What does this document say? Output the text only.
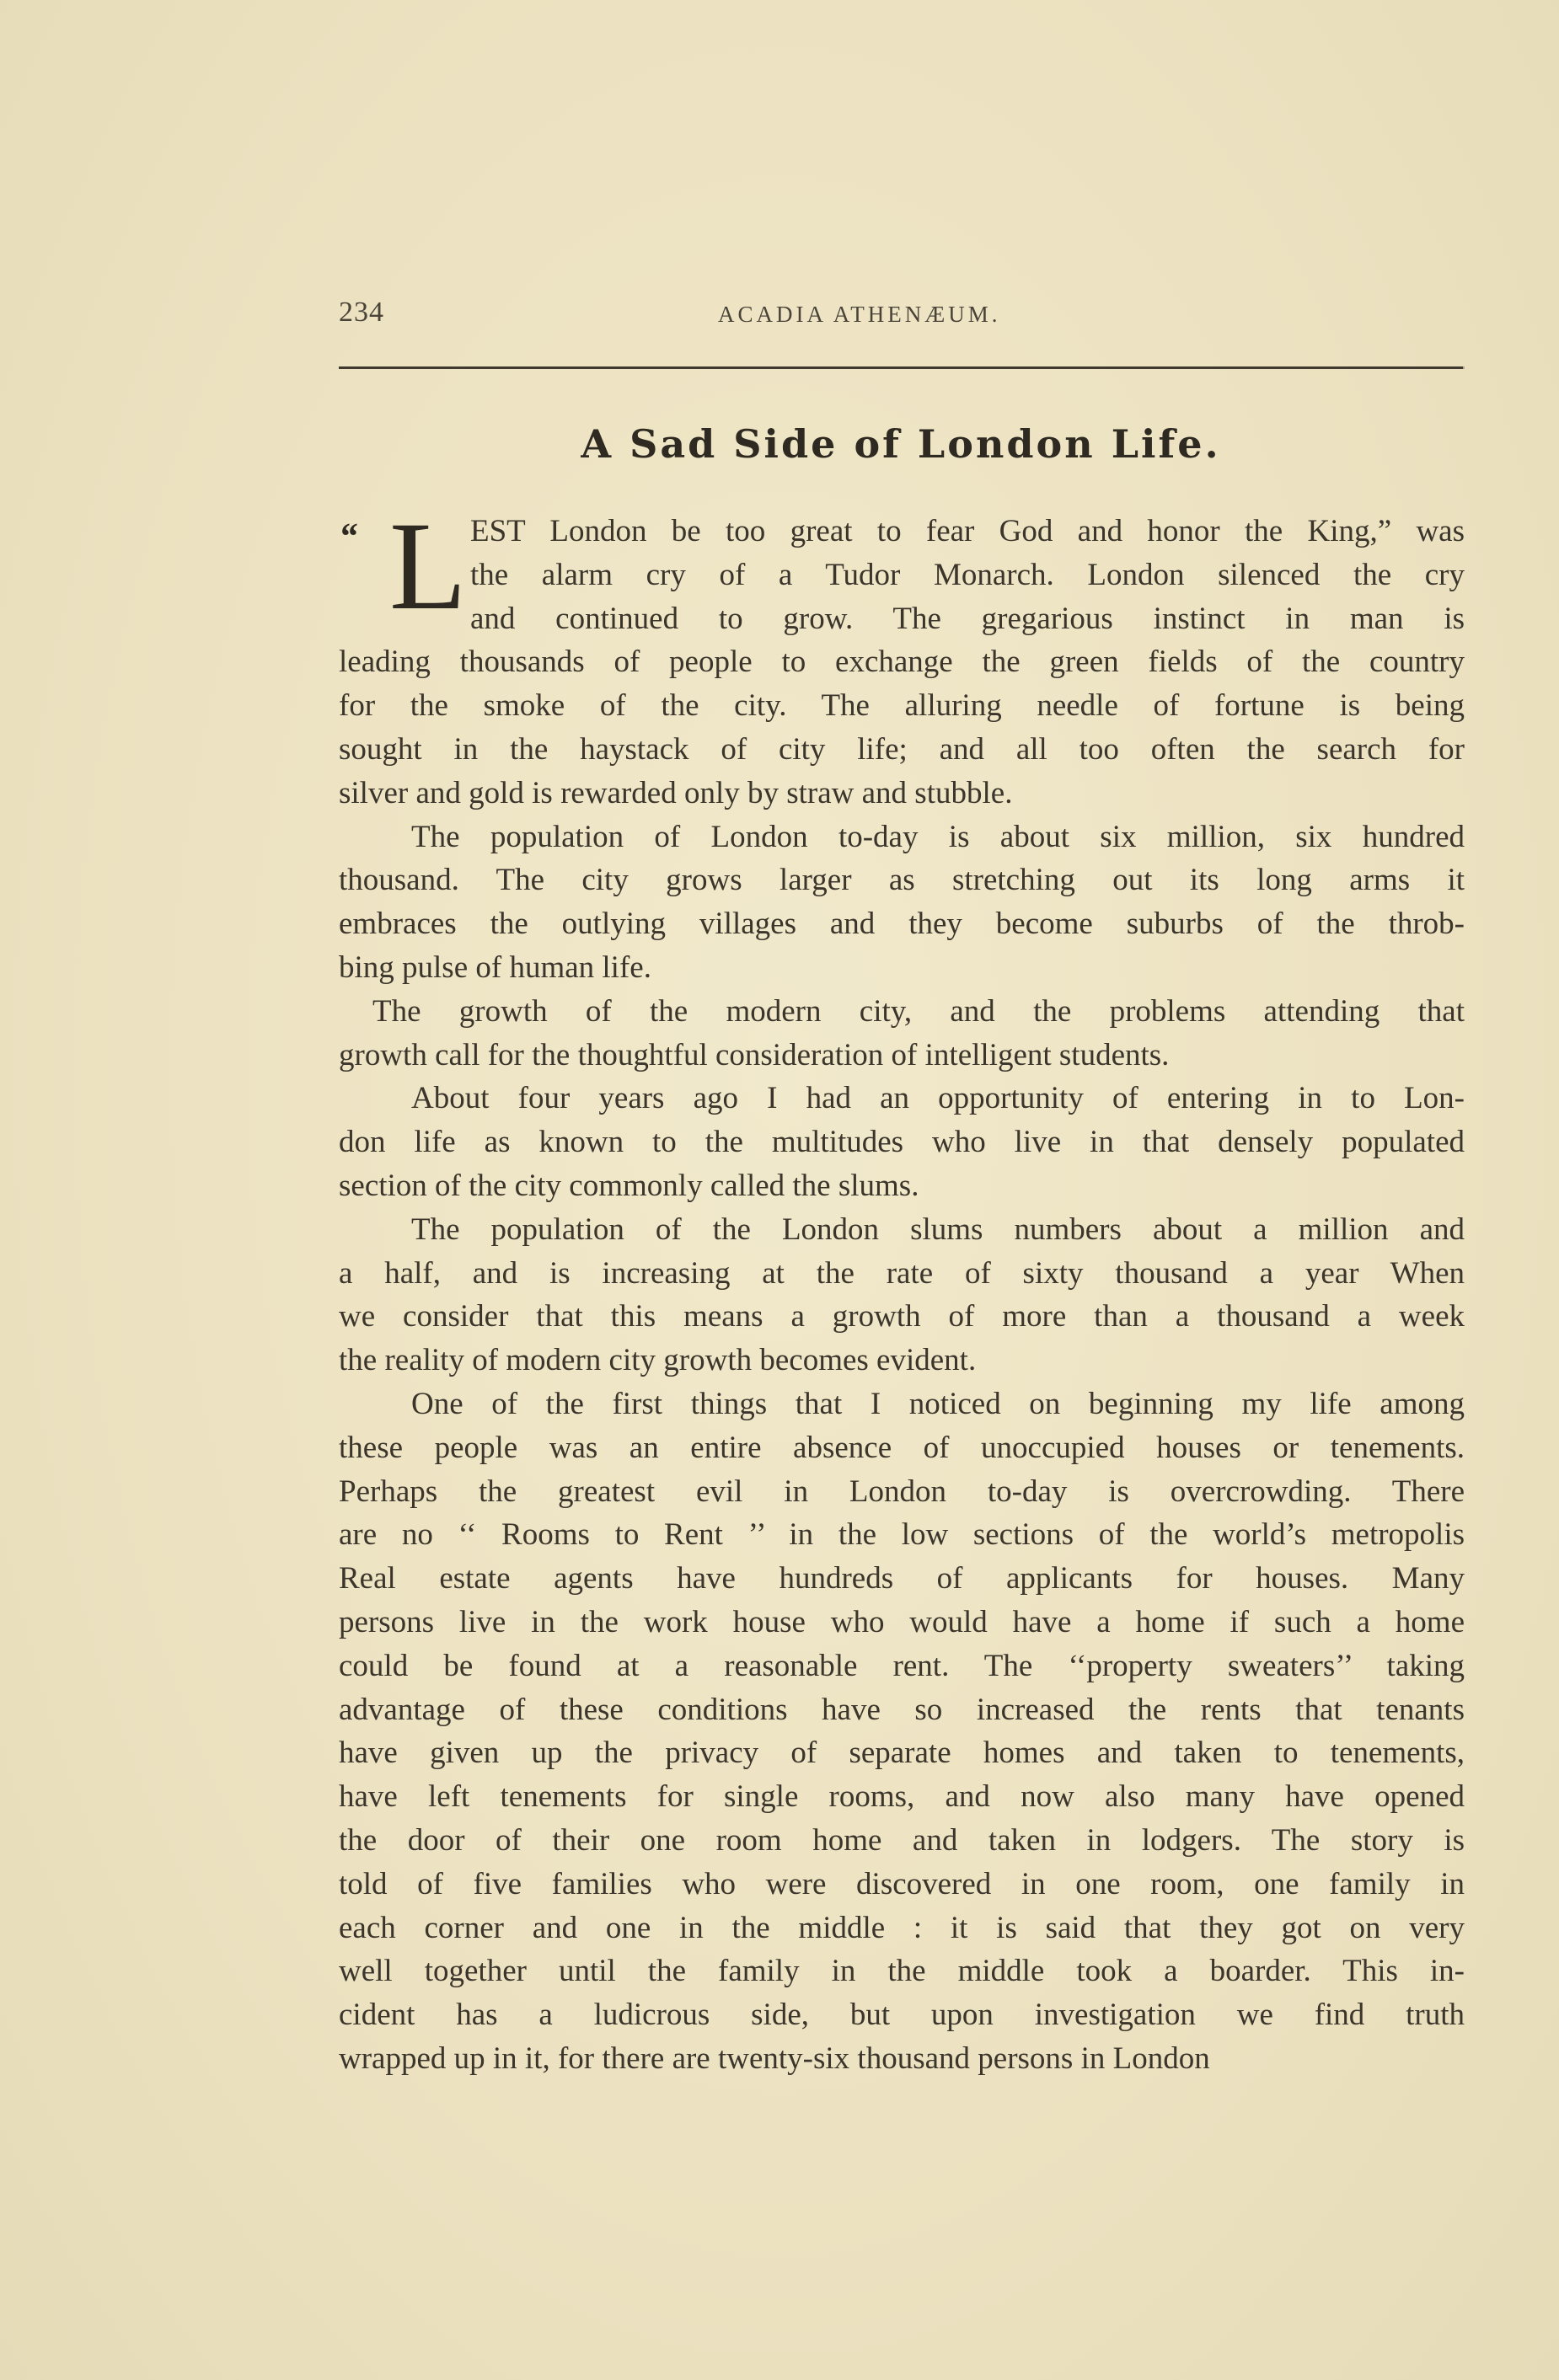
234	ACADIA ATHENÆUM.
A Sad Side of London Life.
“ L EST London be too great to fear God and honor the King,” was
the alarm cry of a Tudor Monarch. London silenced the cry
and continued to grow. The gregarious instinct in man is
leading thousands of people to exchange the green fields of the country
for the smoke of the city. The alluring needle of fortune is being
sought in the haystack of city life; and all too often the search for
silver and gold is rewarded only by straw and stubble.
The population of London to-day is about six million, six hundred
thousand. The city grows larger as stretching out its long arms it
embraces the outlying villages and they become suburbs of the throb-
bing pulse of human life.
The growth of the modern city, and the problems attending that
growth call for the thoughtful consideration of intelligent students.
About four years ago I had an opportunity of entering in to Lon-
don life as known to the multitudes who live in that densely populated
section of the city commonly called the slums.
The population of the London slums numbers about a million and
a half, and is increasing at the rate of sixty thousand a year When
we consider that this means a growth of more than a thousand a week
the reality of modern city growth becomes evident.
One of the first things that I noticed on beginning my life among
these people was an entire absence of unoccupied houses or tenements.
Perhaps the greatest evil in London to-day is overcrowding. There
are no ‘‘ Rooms to Rent ’’ in the low sections of the world’s metropolis
Real estate agents have hundreds of applicants for houses. Many
persons live in the work house who would have a home if such a home
could be found at a reasonable rent. The ‘‘property sweaters’’ taking
advantage of these conditions have so increased the rents that tenants
have given up the privacy of separate homes and taken to tenements,
have left tenements for single rooms, and now also many have opened
the door of their one room home and taken in lodgers. The story is
told of five families who were discovered in one room, one family in
each corner and one in the middle : it is said that they got on very
well together until the family in the middle took a boarder. This in-
cident has a ludicrous side, but upon investigation we find truth
wrapped up in it, for there are twenty-six thousand persons in London
